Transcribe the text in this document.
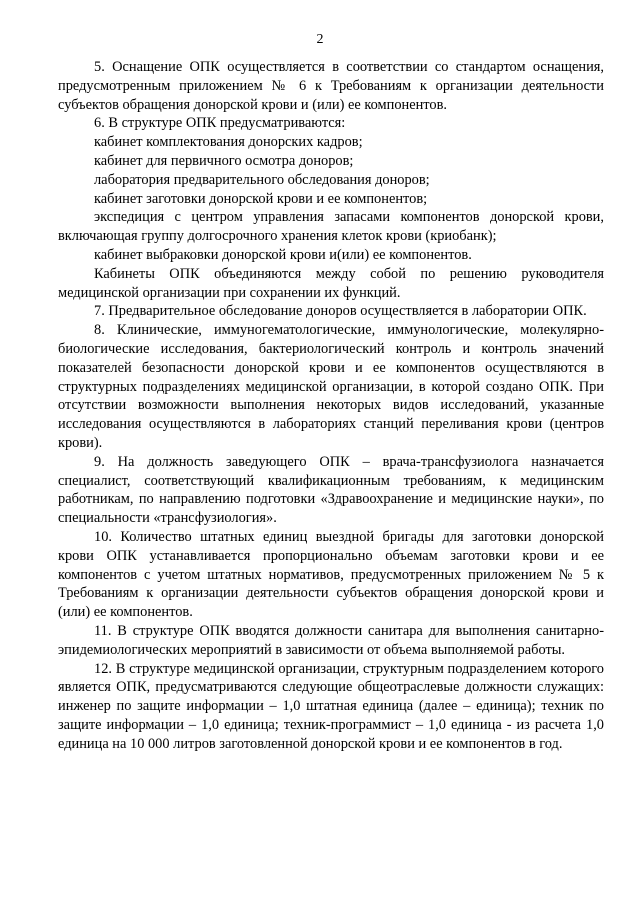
2

5. Оснащение ОПК осуществляется в соответствии со стандартом оснащения, предусмотренным приложением № 6 к Требованиям к организации деятельности субъектов обращения донорской крови и (или) ее компонентов.

6. В структуре ОПК предусматриваются:

кабинет комплектования донорских кадров;

кабинет для первичного осмотра доноров;

лаборатория предварительного обследования доноров;

кабинет заготовки донорской крови и ее компонентов;

экспедиция с центром управления запасами компонентов донорской крови, включающая группу долгосрочного хранения клеток крови (криобанк);

кабинет выбраковки донорской крови и(или) ее компонентов.

Кабинеты ОПК объединяются между собой по решению руководителя медицинской организации при сохранении их функций.

7. Предварительное обследование доноров осуществляется в лаборатории ОПК.

8. Клинические, иммуногематологические, иммунологические, молекулярно-биологические исследования, бактериологический контроль и контроль значений показателей безопасности донорской крови и ее компонентов осуществляются в структурных подразделениях медицинской организации, в которой создано ОПК. При отсутствии возможности выполнения некоторых видов исследований, указанные исследования осуществляются в лабораториях станций переливания крови (центров крови).

9. На должность заведующего ОПК – врача-трансфузиолога назначается специалист, соответствующий квалификационным требованиям, к медицинским работникам, по направлению подготовки «Здравоохранение и медицинские науки», по специальности «трансфузиология».

10. Количество штатных единиц выездной бригады для заготовки донорской крови ОПК устанавливается пропорционально объемам заготовки крови и ее компонентов с учетом штатных нормативов, предусмотренных приложением № 5 к Требованиям к организации деятельности субъектов обращения донорской крови и (или) ее компонентов.

11. В структуре ОПК вводятся должности санитара для выполнения санитарно-эпидемиологических мероприятий в зависимости от объема выполняемой работы.

12. В структуре медицинской организации, структурным подразделением которого является ОПК, предусматриваются следующие общеотраслевые должности служащих: инженер по защите информации – 1,0 штатная единица (далее – единица); техник по защите информации – 1,0 единица; техник-программист – 1,0 единица - из расчета 1,0 единица на 10 000 литров заготовленной донорской крови и ее компонентов в год.
